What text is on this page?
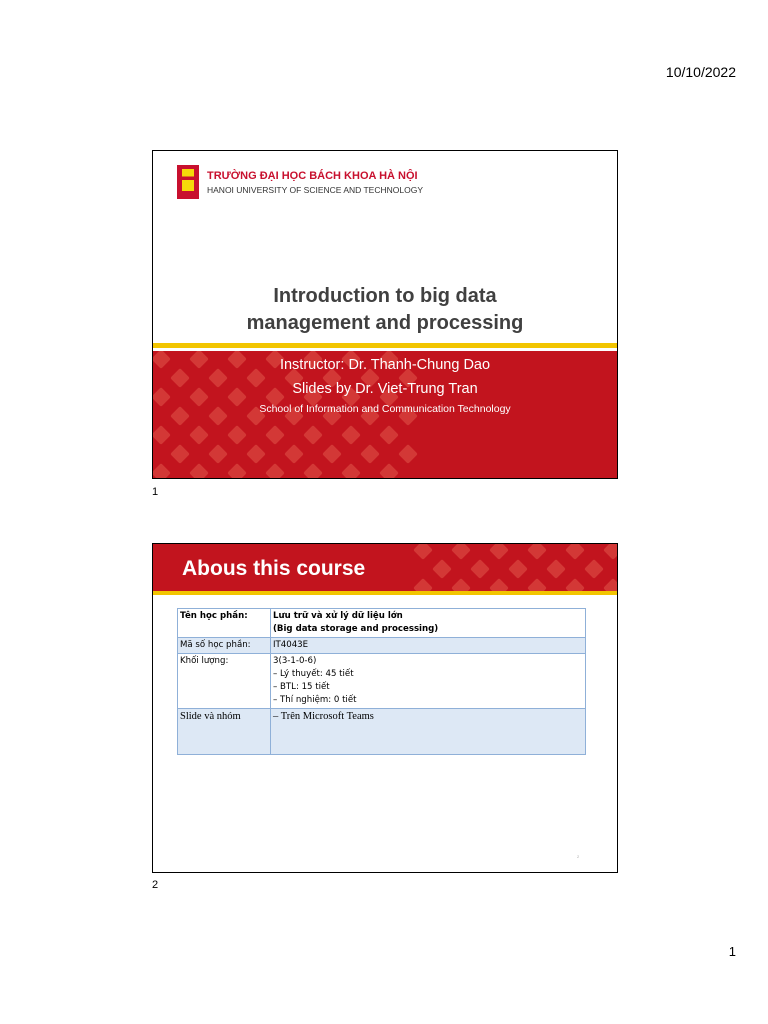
10/10/2022
TRƯỜNG ĐẠI HỌC BÁCH KHOA HÀ NỘI
HANOI UNIVERSITY OF SCIENCE AND TECHNOLOGY
Introduction to big data
management and processing
Instructor: Dr. Thanh-Chung Dao
Slides by Dr. Viet-Trung Tran
School of Information and Communication Technology
1
Abous this course
Tên học phần:	Lưu trữ và xử lý dữ liệu lớn
(Big data storage and processing)

Mã số học phần:	IT4043E
Khối lượng:	3(3-1-0-6)
– Lý thuyết: 45 tiết
– BTL: 15 tiết
– Thí nghiệm: 0 tiết

Slide và nhóm	– Trên Microsoft Teams
2
2
1
